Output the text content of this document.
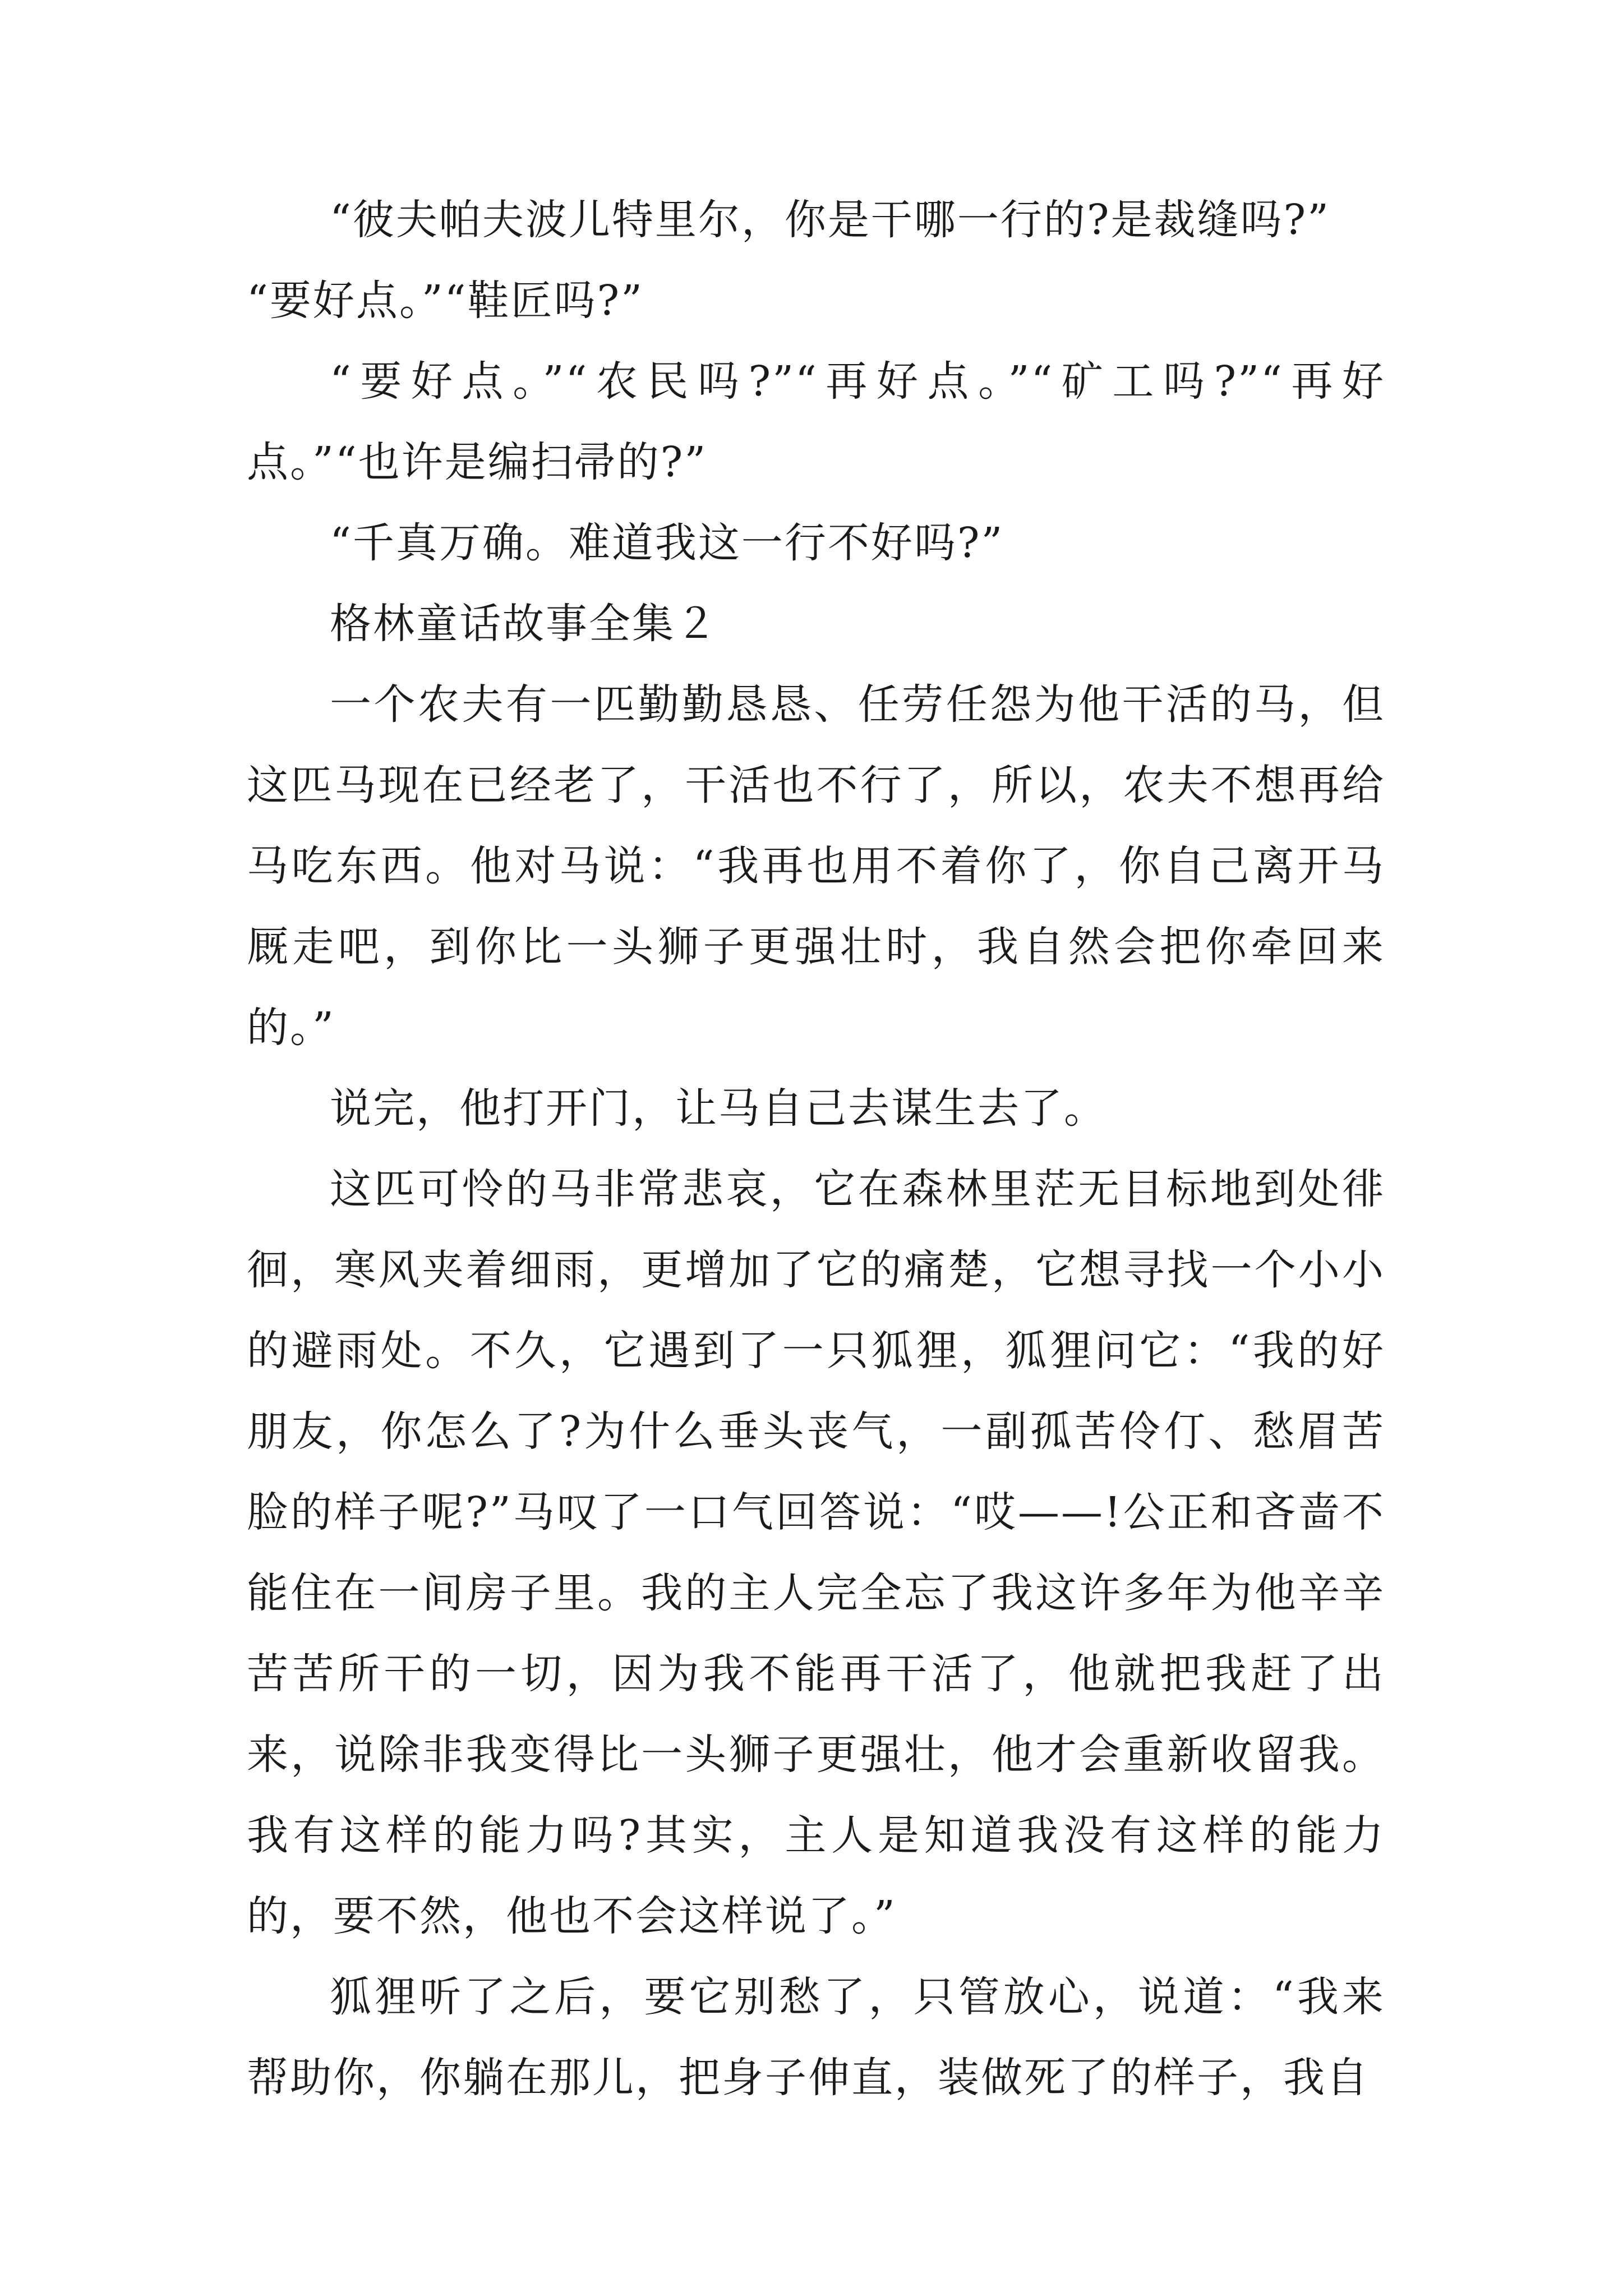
“彼夫帕夫波儿特里尔，你是干哪一行的?是裁缝吗?”

“要好点。”“鞋匠吗?”

“要好点。”“农民吗?”“再好点。”“矿工吗?”“再好点。”“也许是编扫帚的?”

“千真万确。难道我这一行不好吗?”

格林童话故事全集２

一个农夫有一匹勤勤恳恳、任劳任怨为他干活的马，但这匹马现在已经老了，干活也不行了，所以，农夫不想再给马吃东西。他对马说：“我再也用不着你了，你自己离开马厩走吧，到你比一头狮子更强壮时，我自然会把你牵回来的。”

说完，他打开门，让马自己去谋生去了。

这匹可怜的马非常悲哀，它在森林里茫无目标地到处徘徊，寒风夹着细雨，更增加了它的痛楚，它想寻找一个小小的避雨处。不久，它遇到了一只狐狸，狐狸问它：“我的好朋友，你怎么了?为什么垂头丧气，一副孤苦伶仃、愁眉苦脸的样子呢?”马叹了一口气回答说：“哎——!公正和吝啬不能住在一间房子里。我的主人完全忘了我这许多年为他辛辛苦苦所干的一切，因为我不能再干活了，他就把我赶了出来，说除非我变得比一头狮子更强壮，他才会重新收留我。我有这样的能力吗?其实，主人是知道我没有这样的能力的，要不然，他也不会这样说了。”

狐狸听了之后，要它别愁了，只管放心，说道：“我来帮助你，你躺在那儿，把身子伸直，装做死了的样子，我自
